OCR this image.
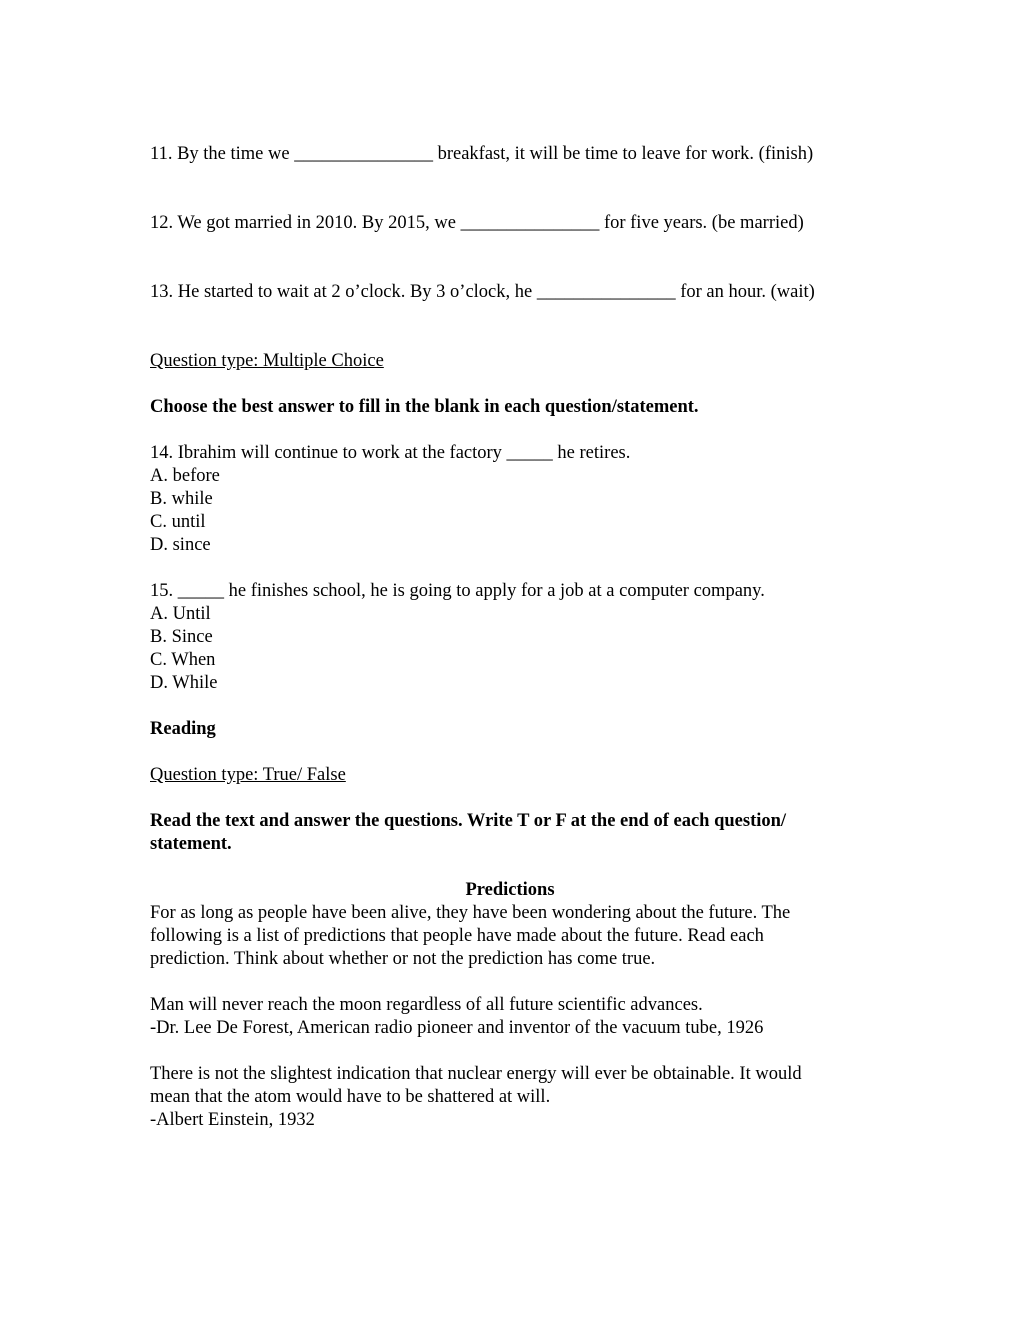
11. By the time we _______________ breakfast, it will be time to leave for work. (finish)
12. We got married in 2010. By 2015, we _______________ for five years. (be married)
13. He started to wait at 2 o’clock. By 3 o’clock, he _______________ for an hour. (wait)
Question type: Multiple Choice
Choose the best answer to fill in the blank in each question/statement.
14. Ibrahim will continue to work at the factory _____ he retires.
A. before
B. while
C. until
D. since
15. _____ he finishes school, he is going to apply for a job at a computer company.
A. Until
B. Since
C. When
D. While
Reading
Question type: True/ False
Read the text and answer the questions. Write T or F at the end of each question/
statement.
Predictions
For as long as people have been alive, they have been wondering about the future. The
following is a list of predictions that people have made about the future. Read each
prediction. Think about whether or not the prediction has come true.
Man will never reach the moon regardless of all future scientific advances.
-Dr. Lee De Forest, American radio pioneer and inventor of the vacuum tube, 1926
There is not the slightest indication that nuclear energy will ever be obtainable. It would
mean that the atom would have to be shattered at will.
-Albert Einstein, 1932
